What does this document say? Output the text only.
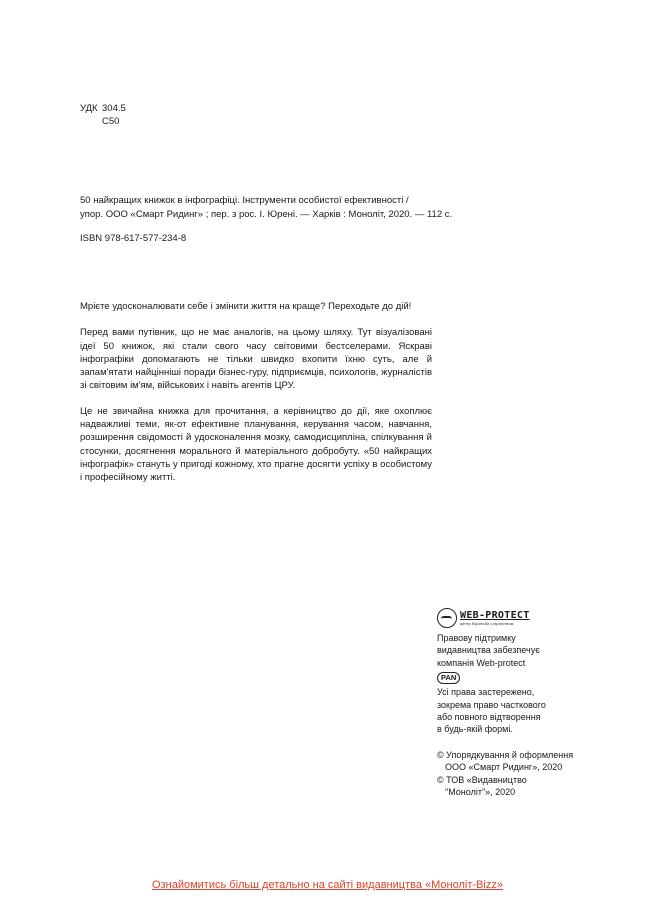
УДК 304.5
С50
50 найкращих книжок в інфографіці. Інструменти особистої ефективності /
упор. ООО «Смарт Ридинг» ; пер. з рос. І. Юрені. — Харків : Моноліт, 2020. — 112 с.
ISBN 978-617-577-234-8

Мрієте удосконалювати себе і змінити життя на краще? Переходьте до дій!

Перед вами путівник, що не має аналогів, на цьому шляху. Тут візуалізовані ідеї 50 книжок, які стали свого часу світовими бестселерами. Яскраві інфографіки допомагають не тільки швидко вхопити їхню суть, але й запам'ятати найцінніші поради бізнес-гуру, підприємців, психологів, журналістів зі світовим ім'ям, військових і навіть агентів ЦРУ.

Це не звичайна книжка для прочитання, а керівництво до дії, яке охоплює надважливі теми, як-от ефективне планування, керування часом, навчання, розширення свідомості й удосконалення мозку, самодисципліна, спілкування й стосунки, досягнення морального й матеріального добробуту. «50 найкращих інфографік» стануть у пригоді кожному, хто прагне досягти успіху в особистому і професійному житті.

WEB-PROTECT
центр боротьби з піратством
Правову підтримку
видавництва забезпечує
компанія Web-protect
PAN
Усі права застережено,
зокрема право часткового
або повного відтворення
в будь-якій формі.
© Упорядкування й оформлення
ООО «Смарт Ридинг», 2020
© ТОВ «Видавництво
"Моноліт"», 2020
Ознайомитись більш детально на сайті видавництва «Моноліт-Bizz»
